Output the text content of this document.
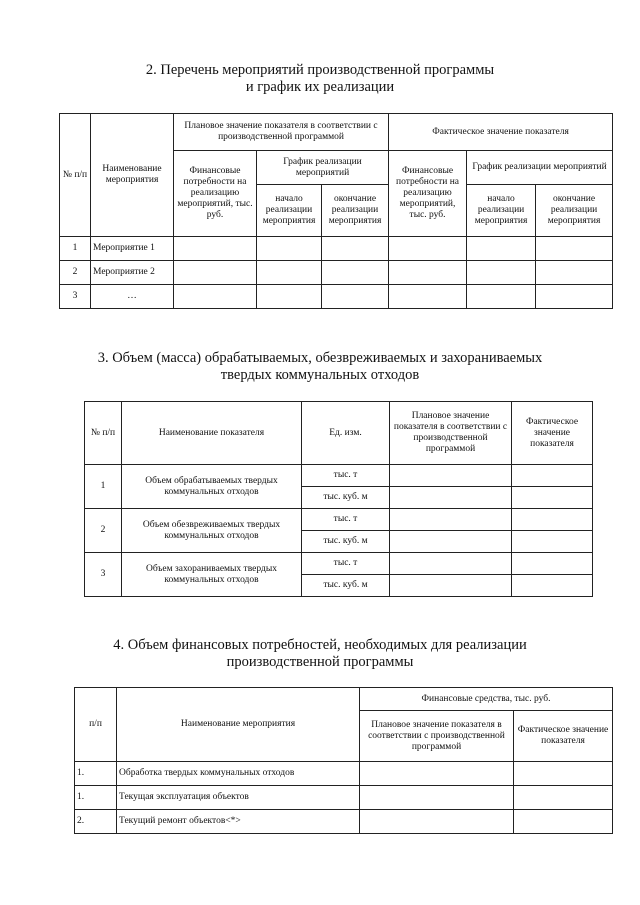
2. Перечень мероприятий производственной программы
и график их реализации
№ п/п	Наименование мероприятия	Плановое значение показателя в соответствии с производственной программой			Фактическое значение показателя		
		Финансовые потребности на реализацию мероприятий, тыс. руб.	График реализации мероприятий		Финансовые потребности на реализацию мероприятий, тыс. руб.	График реализации мероприятий	
			начало реализации мероприятия	окончание реализации мероприятия		начало реализации мероприятия	окончание реализации мероприятия
1	Мероприятие 1						
2	Мероприятие 2						
3	…						
3. Объем (масса) обрабатываемых, обезвреживаемых и захораниваемых
твердых коммунальных отходов
№ п/п	Наименование показателя	Ед. изм.	Плановое значение показателя в соответствии с производственной программой	Фактическое значение показателя
1	Объем обрабатываемых твердых коммунальных отходов	тыс. т		
		тыс. куб. м		
2	Объем обезвреживаемых твердых коммунальных отходов	тыс. т		
		тыс. куб. м		
3	Объем захораниваемых твердых коммунальных отходов	тыс. т		
		тыс. куб. м		
4. Объем финансовых потребностей, необходимых для реализации
производственной программы
п/п	Наименование мероприятия	Финансовые средства, тыс. руб.	
		Плановое значение показателя в соответствии с производственной программой	Фактическое значение показателя
1.	Обработка твердых коммунальных отходов		
1.	Текущая эксплуатация объектов		
2.	Текущий ремонт объектов<*>		
